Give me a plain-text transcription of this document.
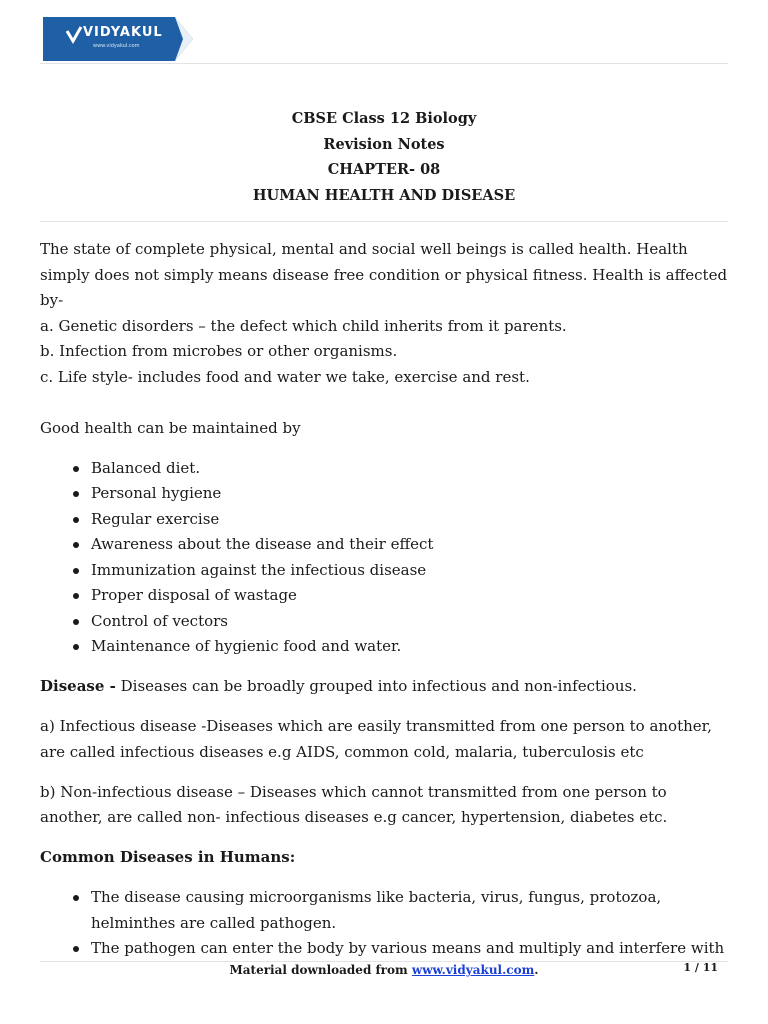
VIDYAKUL
www.vidyakul.com
CBSE Class 12 Biology
Revision Notes
CHAPTER- 08
HUMAN HEALTH AND DISEASE

The state of complete physical, mental and social well beings is called health. Health simply does not simply means disease free condition or physical fitness. Health is affected by-

a. Genetic disorders – the defect which child inherits from it parents.

b. Infection from microbes or other organisms.

c. Life style- includes food and water we take, exercise and rest.

Good health can be maintained by

Balanced diet.
Personal hygiene
Regular exercise
Awareness about the disease and their effect
Immunization against the infectious disease
Proper disposal of wastage
Control of vectors
Maintenance of hygienic food and water.

Disease - Diseases can be broadly grouped into infectious and non-infectious.

a) Infectious disease -Diseases which are easily transmitted from one person to another, are called infectious diseases e.g AIDS, common cold, malaria, tuberculosis etc

b) Non-infectious disease – Diseases which cannot transmitted from one person to another, are called non- infectious diseases e.g cancer, hypertension, diabetes etc.

Common Diseases in Humans:

The disease causing microorganisms like bacteria, virus, fungus, protozoa, helminthes are called pathogen.
The pathogen can enter the body by various means and multiply and interfere with
Material downloaded from www.vidyakul.com.	1 / 11
